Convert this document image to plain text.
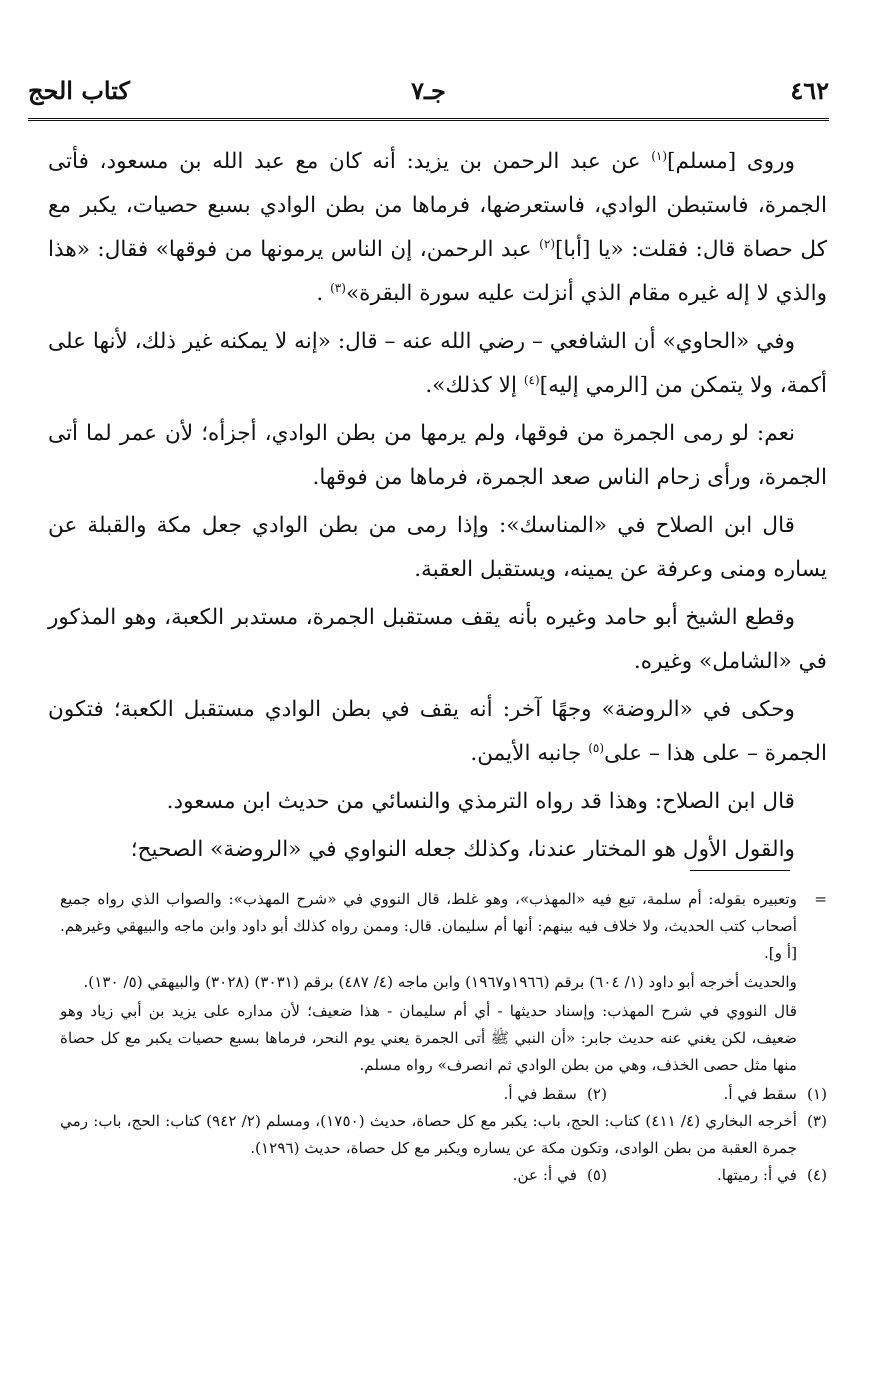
٤٦٢
جـ٧
كتاب الحج

وروى [مسلم]$^{(١)}$ عن عبد الرحمن بن يزيد: أنه كان مع عبد الله بن مسعود، فأتى الجمرة، فاستبطن الوادي، فاستعرضها، فرماها من بطن الوادي بسبع حصيات، يكبر مع كل حصاة قال: فقلت: «يا [أبا]$^{(٢)}$ عبد الرحمن، إن الناس يرمونها من فوقها» فقال: «هذا والذي لا إله غيره مقام الذي أنزلت عليه سورة البقرة»$^{(٣)}$ .

وفي «الحاوي» أن الشافعي – رضي الله عنه – قال: «إنه لا يمكنه غير ذلك، لأنها على أكمة، ولا يتمكن من [الرمي إليه]$^{(٤)}$ إلا كذلك».

نعم: لو رمى الجمرة من فوقها، ولم يرمها من بطن الوادي، أجزأه؛ لأن عمر لما أتى الجمرة، ورأى زحام الناس صعد الجمرة، فرماها من فوقها.

قال ابن الصلاح في «المناسك»: وإذا رمى من بطن الوادي جعل مكة والقبلة عن يساره ومنى وعرفة عن يمينه، ويستقبل العقبة.

وقطع الشيخ أبو حامد وغيره بأنه يقف مستقبل الجمرة، مستدبر الكعبة، وهو المذكور في «الشامل» وغيره.

وحكى في «الروضة» وجهًا آخر: أنه يقف في بطن الوادي مستقبل الكعبة؛ فتكون الجمرة – على هذا – على$^{(٥)}$ جانبه الأيمن.

قال ابن الصلاح: وهذا قد رواه الترمذي والنسائي من حديث ابن مسعود.

والقول الأول هو المختار عندنا، وكذلك جعله النواوي في «الروضة» الصحيح؛

=
وتعبيره بقوله: أم سلمة، تبع فيه «المهذب»، وهو غلط، قال النووي في «شرح المهذب»: والصواب الذي رواه جميع أصحاب كتب الحديث، ولا خلاف فيه بينهم: أنها أم سليمان. قال: وممن رواه كذلك أبو داود وابن ماجه والبيهقي وغيرهم. [أ و].

والحديث أخرجه أبو داود (١/ ٦٠٤) برقم (١٩٦٦و١٩٦٧) وابن ماجه (٤/ ٤٨٧) برقم (٣٠٣١) (٣٠٢٨) والبيهقي (٥/ ١٣٠).

قال النووي في شرح المهذب: وإسناد حديثها - أي أم سليمان - هذا ضعيف؛ لأن مداره على يزيد بن أبي زياد وهو ضعيف، لكن يغني عنه حديث جابر: «أن النبي ﷺ أتى الجمرة يعني يوم النحر، فرماها بسبع حصيات يكبر مع كل حصاة منها مثل حصى الخذف، وهي من بطن الوادي ثم انصرف» رواه مسلم.

(١)
سقط في أ.
(٢)
سقط في أ.
(٣)
أخرجه البخاري (٤/ ٤١١) كتاب: الحج، باب: يكبر مع كل حصاة، حديث (١٧٥٠)، ومسلم (٢/ ٩٤٢) كتاب: الحج، باب: رمي جمرة العقبة من بطن الوادى، وتكون مكة عن يساره ويكبر مع كل حصاة، حديث (١٢٩٦).
(٤)
في أ: رميتها.
(٥)
في أ: عن.
